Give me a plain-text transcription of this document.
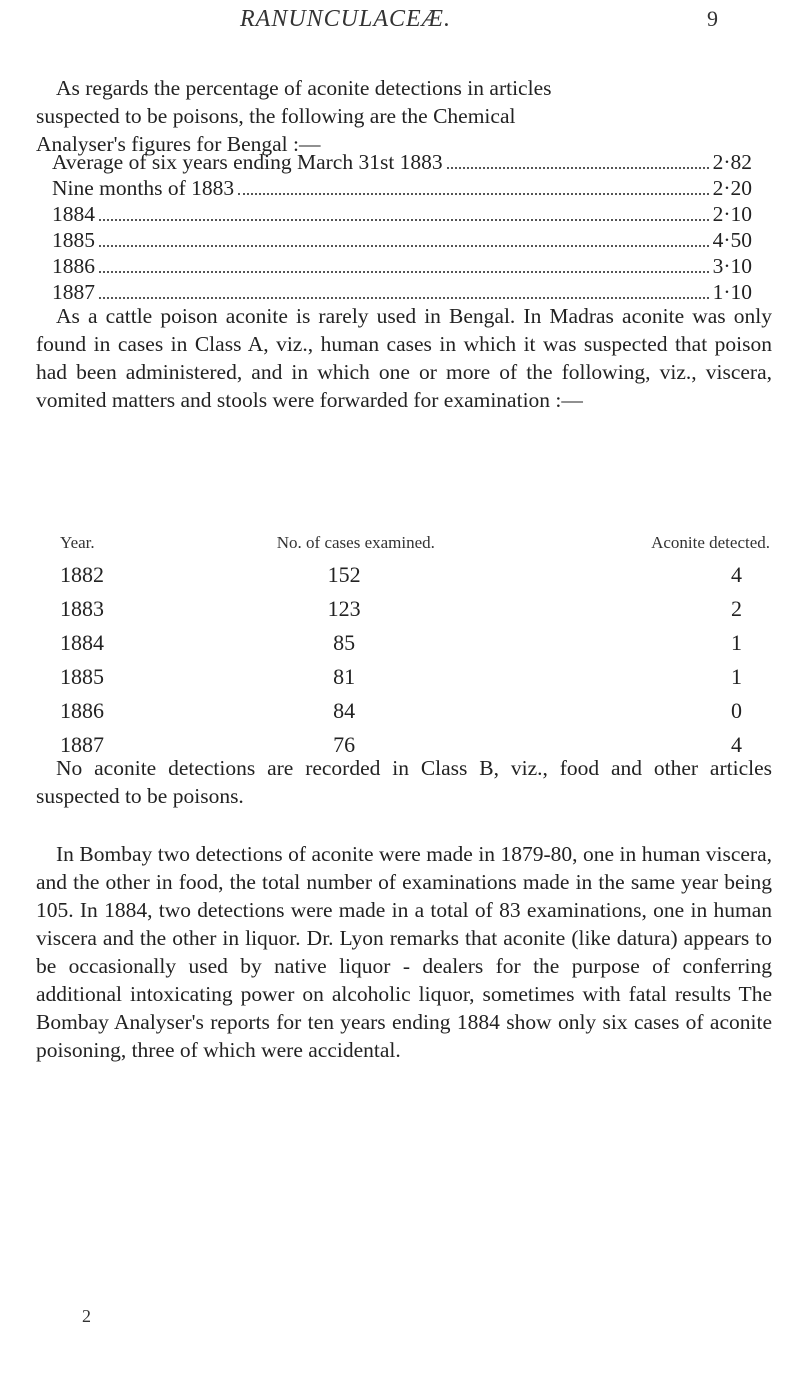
RANUNCULACEÆ.	9

As regards the percentage of aconite detections in articles
suspected to be poisons, the following are the Chemical
Analyser's figures for Bengal :—

Average of six years ending March 31st 1883	2·82
Nine months of 1883	2·20
1884	2·10
1885	4·50
1886	3·10
1887	1·10

As a cattle poison aconite is rarely used in Bengal. In Madras aconite was only found in cases in Class A, viz., human cases in which it was suspected that poison had been administered, and in which one or more of the following, viz., viscera, vomited matters and stools were forwarded for examination :—

Year.	No. of cases examined.	Aconite detected.
1882	152	4
1883	123	2
1884	85	1
1885	81	1
1886	84	0
1887	76	4

No aconite detections are recorded in Class B, viz., food and other articles suspected to be poisons.

In Bombay two detections of aconite were made in 1879-80, one in human viscera, and the other in food, the total number of examinations made in the same year being 105. In 1884, two detections were made in a total of 83 examinations, one in human viscera and the other in liquor. Dr. Lyon remarks that aconite (like datura) appears to be occasionally used by native liquor - dealers for the purpose of conferring additional intoxicating power on alcoholic liquor, sometimes with fatal results The Bombay Analyser's reports for ten years ending 1884 show only six cases of aconite poisoning, three of which were accidental.

2
